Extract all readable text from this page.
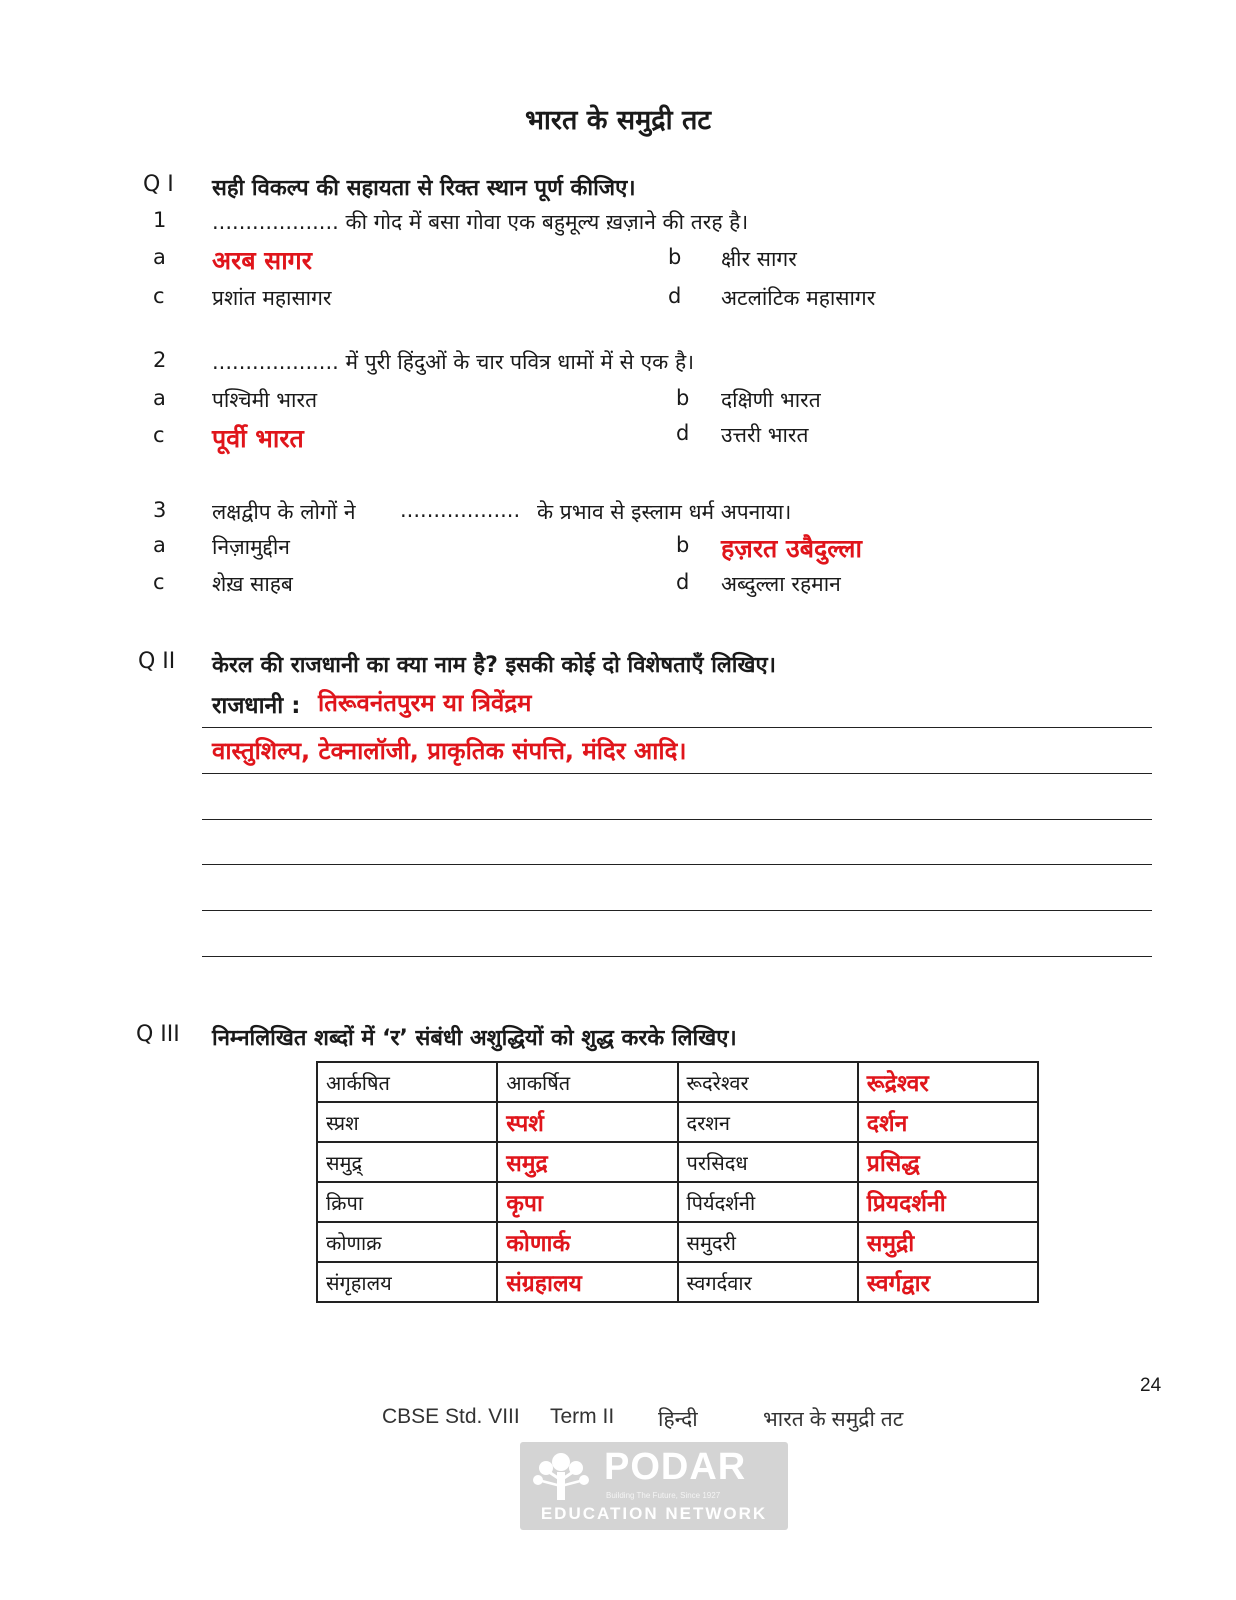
भारत के समुद्री तट
Q I सही विकल्प की सहायता से रिक्त स्थान पूर्ण कीजिए।
1 ................... की गोद में बसा गोवा एक बहुमूल्य ख़ज़ाने की तरह है।
a अरब सागर	b क्षीर सागर
c प्रशांत महासागर	d अटलांटिक महासागर
2 ................... में पुरी हिंदुओं के चार पवित्र धामों में से एक है।
a पश्चिमी भारत	b दक्षिणी भारत
c पूर्वी भारत	d उत्तरी भारत
3 लक्षद्वीप के लोगों ने .................. के प्रभाव से इस्लाम धर्म अपनाया।
a निज़ामुद्दीन	b हज़रत उबैदुल्ला
c शेख़ साहब	d अब्दुल्ला रहमान
Q II केरल की राजधानी का क्या नाम है? इसकी कोई दो विशेषताएँ लिखिए।
राजधानी : तिरूवनंतपुरम या त्रिवेंद्रम
वास्तुशिल्प, टेक्नालॉजी, प्राकृतिक संपत्ति, मंदिर आदि।
Q III निम्नलिखित शब्दों में ‘र’ संबंधी अशुद्धियों को शुद्ध करके लिखिए।
आर्कषित	आकर्षित	रूदरेश्वर	रूद्रेश्वर
स्प्रश	स्पर्श	दरशन	दर्शन
समुद्र्	समुद्र	परसिदध	प्रसिद्ध
क्रिपा	कृपा	पिर्यदर्शनी	प्रियदर्शनी
कोणाक्र	कोणार्क	समुदरी	समुद्री
संगृहालय	संग्रहालय	स्वगर्दवार	स्वर्गद्वार
24
CBSE Std. VIII Term II हिन्दी	भारत के समुद्री तट
PODAR
Building The Future, Since 1927
EDUCATION NETWORK
